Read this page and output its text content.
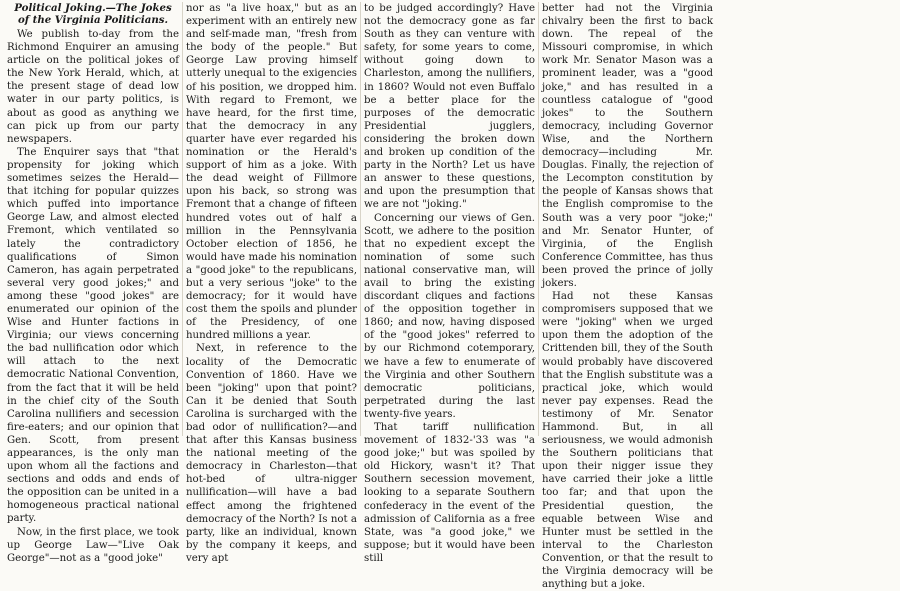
Political Joking.—The Jokes of the Virginia Politicians.

We publish to-day from the Richmond Enquirer an amusing article on the political jokes of the New York Herald, which, at the present stage of dead low water in our party politics, is about as good as anything we can pick up from our party newspapers.

The Enquirer says that "that propensity for joking which sometimes seizes the Herald—that itching for popular quizzes which puffed into importance George Law, and almost elected Fremont, which ventilated so lately the contradictory qualifications of Simon Cameron, has again perpetrated several very good jokes;" and among these "good jokes" are enumerated our opinion of the Wise and Hunter factions in Virginia; our views concerning the bad nullification odor which will attach to the next democratic National Convention, from the fact that it will be held in the chief city of the South Carolina nullifiers and secession fire-eaters; and our opinion that Gen. Scott, from present appearances, is the only man upon whom all the factions and sections and odds and ends of the opposition can be united in a homogeneous practical national party.

Now, in the first place, we took up George Law—"Live Oak George"—not as a "good joke"

nor as "a live hoax," but as an experiment with an entirely new and self-made man, "fresh from the body of the people." But George Law proving himself utterly unequal to the exigencies of his position, we dropped him. With regard to Fremont, we have heard, for the first time, that the democracy in any quarter have ever regarded his nomination or the Herald's support of him as a joke. With the dead weight of Fillmore upon his back, so strong was Fremont that a change of fifteen hundred votes out of half a million in the Pennsylvania October election of 1856, he would have made his nomination a "good joke" to the republicans, but a very serious "joke" to the democracy; for it would have cost them the spoils and plunder of the Presidency, of one hundred millions a year.

Next, in reference to the locality of the Democratic Convention of 1860. Have we been "joking" upon that point? Can it be denied that South Carolina is surcharged with the bad odor of nullification?—and that after this Kansas business the national meeting of the democracy in Charleston—that hot-bed of ultra-nigger nullification—will have a bad effect among the frightened democracy of the North? Is not a party, like an individual, known by the company it keeps, and very apt

to be judged accordingly? Have not the democracy gone as far South as they can venture with safety, for some years to come, without going down to Charleston, among the nullifiers, in 1860? Would not even Buffalo be a better place for the purposes of the democratic Presidential jugglers, considering the broken down and broken up condition of the party in the North? Let us have an answer to these questions, and upon the presumption that we are not "joking."

Concerning our views of Gen. Scott, we adhere to the position that no expedient except the nomination of some such national conservative man, will avail to bring the existing discordant cliques and factions of the opposition together in 1860; and now, having disposed of the "good jokes" referred to by our Richmond cotemporary, we have a few to enumerate of the Virginia and other Southern democratic politicians, perpetrated during the last twenty-five years.

That tariff nullification movement of 1832-'33 was "a good joke;" but was spoiled by old Hickory, wasn't it? That Southern secession movement, looking to a separate Southern confederacy in the event of the admission of California as a free State, was "a good joke," we suppose; but it would have been still

better had not the Virginia chivalry been the first to back down. The repeal of the Missouri compromise, in which work Mr. Senator Mason was a prominent leader, was a "good joke," and has resulted in a countless catalogue of "good jokes" to the Southern democracy, including Governor Wise, and the Northern democracy—including Mr. Douglas. Finally, the rejection of the Lecompton constitution by the people of Kansas shows that the English compromise to the South was a very poor "joke;" and Mr. Senator Hunter, of Virginia, of the English Conference Committee, has thus been proved the prince of jolly jokers.

Had not these Kansas compromisers supposed that we were "joking" when we urged upon them the adoption of the Crittenden bill, they of the South would probably have discovered that the English substitute was a practical joke, which would never pay expenses. Read the testimony of Mr. Senator Hammond. But, in all seriousness, we would admonish the Southern politicians that upon their nigger issue they have carried their joke a little too far; and that upon the Presidential question, the equable between Wise and Hunter must be settled in the interval to the Charleston Convention, or that the result to the Virginia democracy will be anything but a joke.
